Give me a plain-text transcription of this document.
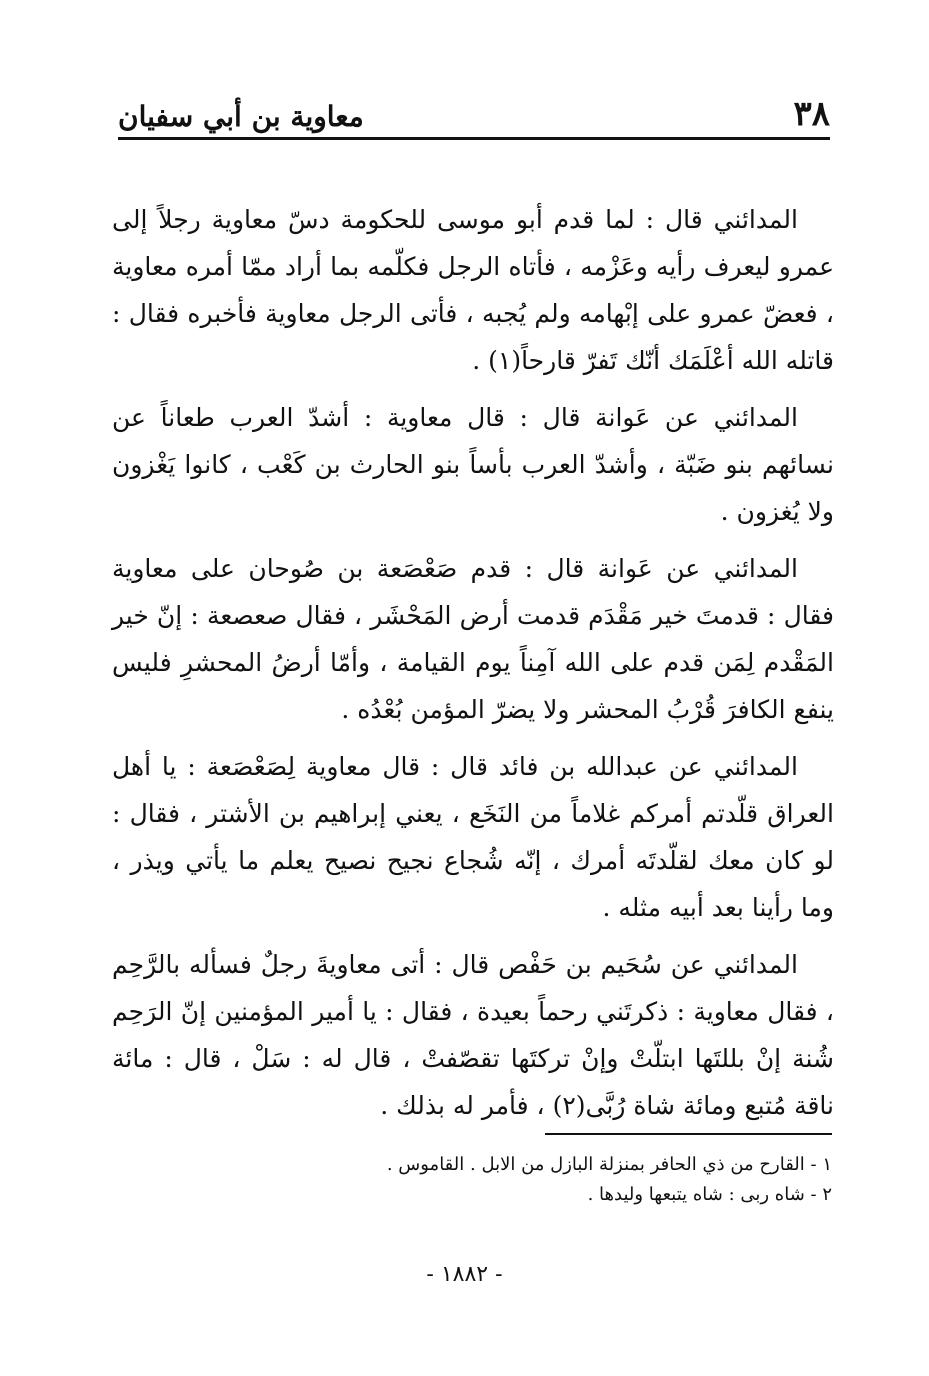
٣٨
معاوية بن أبي سفيان

المدائني قال : لما قدم أبو موسى للحكومة دسّ معاوية رجلاً إلى عمرو ليعرف رأيه وعَزْمه ، فأتاه الرجل فكلّمه بما أراد ممّا أمره معاوية ، فعضّ عمرو على إبْهامه ولم يُجبه ، فأتى الرجل معاوية فأخبره فقال : قاتله الله أعْلَمَك أنّك تَفرّ قارحاً(١) .

المدائني عن عَوانة قال : قال معاوية : أشدّ العرب طعاناً عن نسائهم بنو ضَبّة ، وأشدّ العرب بأساً بنو الحارث بن كَعْب ، كانوا يَغْزون ولا يُغزون .

المدائني عن عَوانة قال : قدم صَعْصَعة بن صُوحان على معاوية فقال : قدمتَ خير مَقْدَم قدمت أرض المَحْشَر ، فقال صعصعة : إنّ خير المَقْدم لِمَن قدم على الله آمِناً يوم القيامة ، وأمّا أرضُ المحشرِ فليس ينفع الكافرَ قُرْبُ المحشر ولا يضرّ المؤمن بُعْدُه .

المدائني عن عبدالله بن فائد قال : قال معاوية لِصَعْصَعة : يا أهل العراق قلّدتم أمركم غلاماً من النَخَع ، يعني إبراهيم بن الأشتر ، فقال : لو كان معك لقلّدتَه أمرك ، إنّه شُجاع نجيح نصيح يعلم ما يأتي ويذر ، وما رأينا بعد أبيه مثله .

المدائني عن سُحَيم بن حَفْص قال : أتى معاويةَ رجلٌ فسأله بالرَّحِم ، فقال معاوية : ذكرتَني رحماً بعيدة ، فقال : يا أمير المؤمنين إنّ الرَحِم شُنة إنْ بللتَها ابتلّتْ وإنْ تركتَها تقصّفتْ ، قال له : سَلْ ، قال : مائة ناقة مُتبع ومائة شاة رُبَّى(٢) ، فأمر له بذلك .

١ - القارح من ذي الحافر بمنزلة البازل من الابل . القاموس .

٢ - شاه ربى : شاه يتبعها وليدها .

- ١٨٨٢ -
